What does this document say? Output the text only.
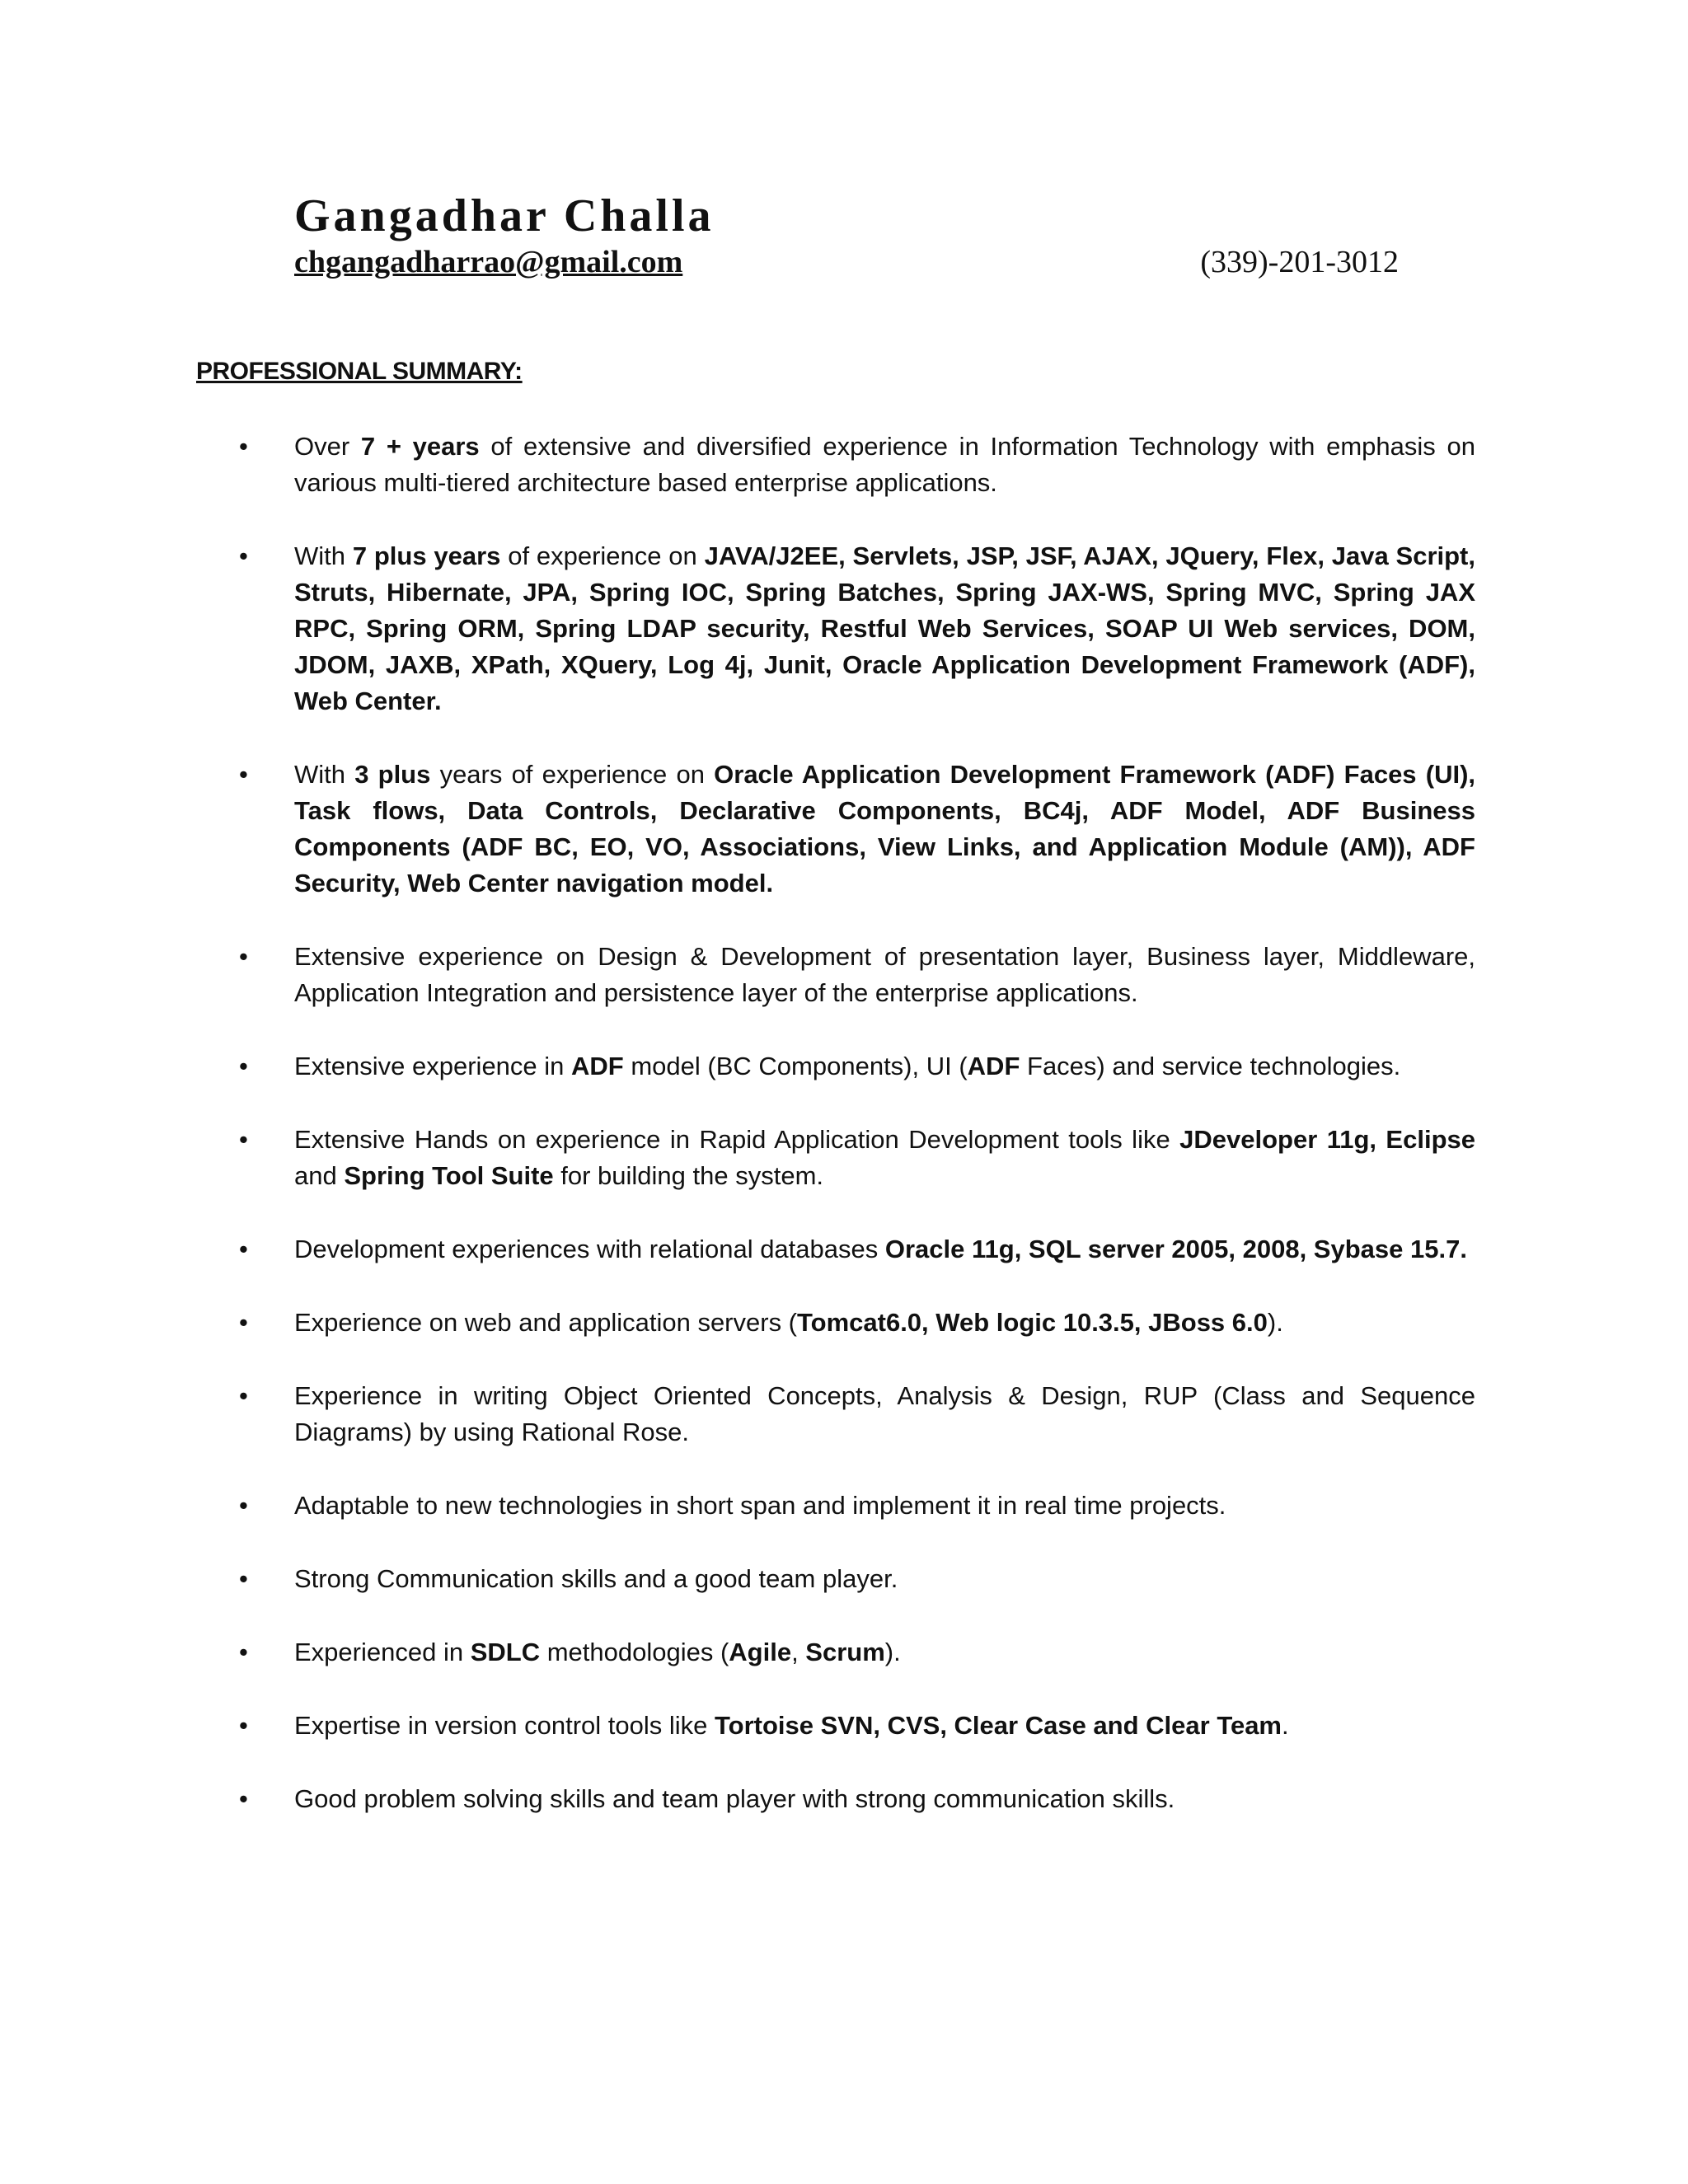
Gangadhar Challa
chgangadharrao@gmail.com	(339)-201-3012
PROFESSIONAL SUMMARY:
• Over 7 + years of extensive and diversified experience in Information Technology with emphasis on various multi-tiered architecture based enterprise applications.
• With 7 plus years of experience on JAVA/J2EE, Servlets, JSP, JSF, AJAX, JQuery, Flex, Java Script, Struts, Hibernate, JPA, Spring IOC, Spring Batches, Spring JAX-WS, Spring MVC, Spring JAX RPC, Spring ORM, Spring LDAP security, Restful Web Services, SOAP UI Web services, DOM, JDOM, JAXB, XPath, XQuery, Log 4j, Junit, Oracle Application Development Framework (ADF), Web Center.
• With 3 plus years of experience on Oracle Application Development Framework (ADF) Faces (UI), Task flows, Data Controls, Declarative Components, BC4j, ADF Model, ADF Business Components (ADF BC, EO, VO, Associations, View Links, and Application Module (AM)), ADF Security, Web Center navigation model.
• Extensive experience on Design & Development of presentation layer, Business layer, Middleware, Application Integration and persistence layer of the enterprise applications.
• Extensive experience in ADF model (BC Components), UI (ADF Faces) and service technologies.
• Extensive Hands on experience in Rapid Application Development tools like JDeveloper 11g, Eclipse and Spring Tool Suite for building the system.
• Development experiences with relational databases Oracle 11g, SQL server 2005, 2008, Sybase 15.7.
• Experience on web and application servers (Tomcat6.0, Web logic 10.3.5, JBoss 6.0).
• Experience in writing Object Oriented Concepts, Analysis & Design, RUP (Class and Sequence Diagrams) by using Rational Rose.
• Adaptable to new technologies in short span and implement it in real time projects.
• Strong Communication skills and a good team player.
• Experienced in SDLC methodologies (Agile, Scrum).
• Expertise in version control tools like Tortoise SVN, CVS, Clear Case and Clear Team.
• Good problem solving skills and team player with strong communication skills.
